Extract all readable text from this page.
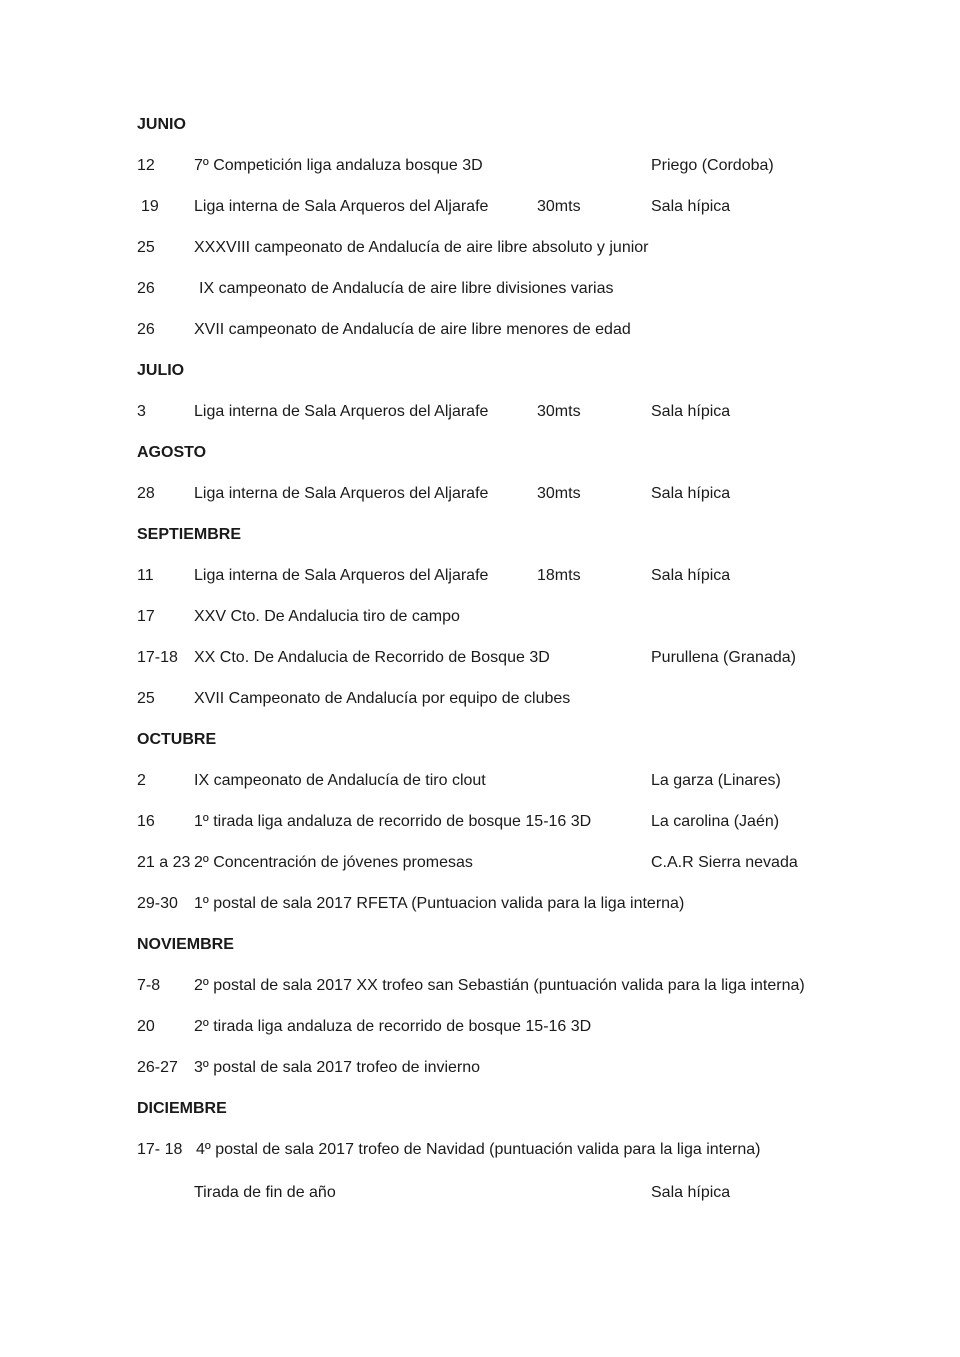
JUNIO
12 7º Competición liga andaluza bosque 3D	Priego (Cordoba)
19 Liga interna de Sala Arqueros del Aljarafe	30mts	Sala hípica
25 XXXVIII campeonato de Andalucía de aire libre absoluto y junior
26	IX campeonato de Andalucía de aire libre divisiones varias
26 XVII campeonato de Andalucía de aire libre menores de edad
JULIO
3	Liga interna de Sala Arqueros del Aljarafe	30mts	Sala hípica
AGOSTO
28 Liga interna de Sala Arqueros del Aljarafe	30mts	Sala hípica
SEPTIEMBRE
11	Liga interna de Sala Arqueros del Aljarafe	18mts	Sala hípica
17 XXV Cto. De Andalucia tiro de campo
17-18 XX Cto. De Andalucia de Recorrido de Bosque 3D	Purullena (Granada)
25 XVII Campeonato de Andalucía por equipo de clubes
OCTUBRE
2	IX campeonato de Andalucía de tiro clout	La garza (Linares)
16 1º tirada liga andaluza de recorrido de bosque 15-16 3D	La carolina (Jaén)
21 a 23 2º Concentración de jóvenes promesas	C.A.R Sierra nevada
29-30 1º postal de sala 2017 RFETA (Puntuacion valida para la liga interna)
NOVIEMBRE
7-8 2º postal de sala 2017 XX trofeo san Sebastián (puntuación valida para la liga interna)
20 2º tirada liga andaluza de recorrido de bosque 15-16 3D
26-27 3º postal de sala 2017 trofeo de invierno
DICIEMBRE
17- 18 4º postal de sala 2017 trofeo de Navidad (puntuación valida para la liga interna)
Tirada de fin de año	Sala hípica
